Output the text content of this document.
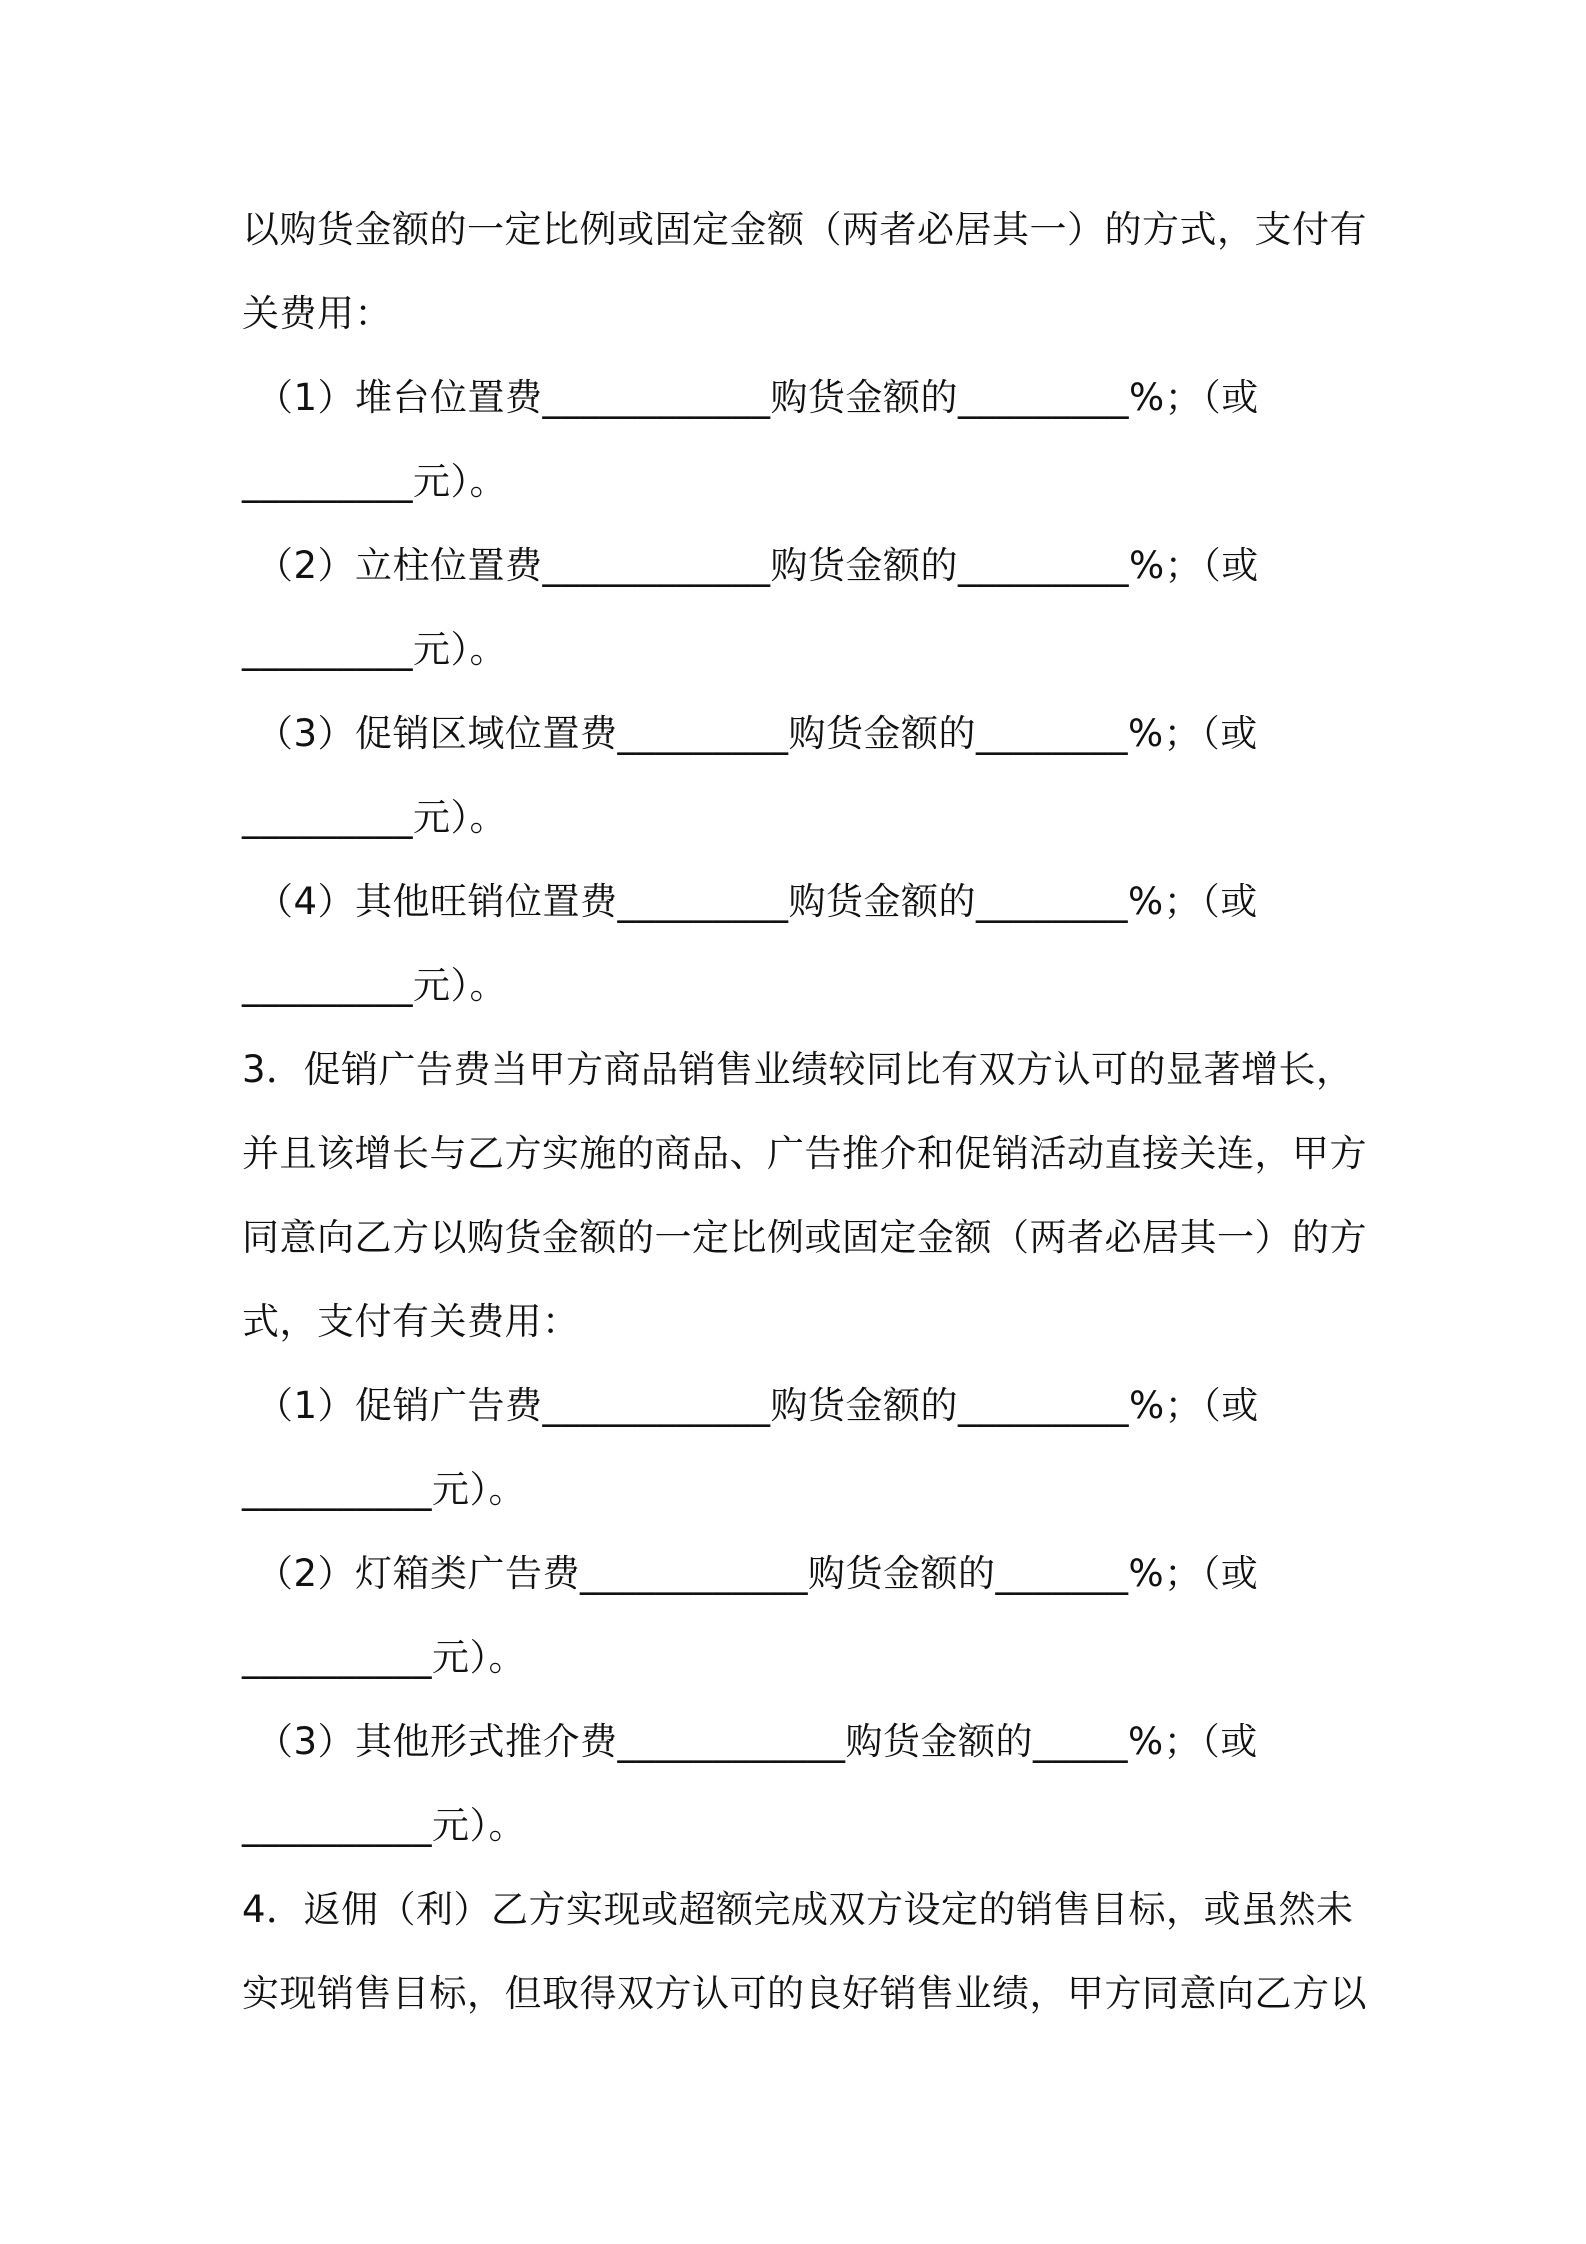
以购货金额的一定比例或固定金额（两者必居其一）的方式，支付有
关费用：
（1）堆台位置费____________购货金额的_________%；（或
_________元）。
（2）立柱位置费____________购货金额的_________%；（或
_________元）。
（3）促销区域位置费_________购货金额的________%；（或
_________元）。
（4）其他旺销位置费_________购货金额的________%；（或
_________元）。
3．促销广告费当甲方商品销售业绩较同比有双方认可的显著增长，
并且该增长与乙方实施的商品、广告推介和促销活动直接关连，甲方
同意向乙方以购货金额的一定比例或固定金额（两者必居其一）的方
式，支付有关费用：
（1）促销广告费____________购货金额的_________%；（或
__________元）。
（2）灯箱类广告费____________购货金额的_______%；（或
__________元）。
（3）其他形式推介费____________购货金额的_____%；（或
__________元）。
4．返佣（利）乙方实现或超额完成双方设定的销售目标，或虽然未
实现销售目标，但取得双方认可的良好销售业绩，甲方同意向乙方以
